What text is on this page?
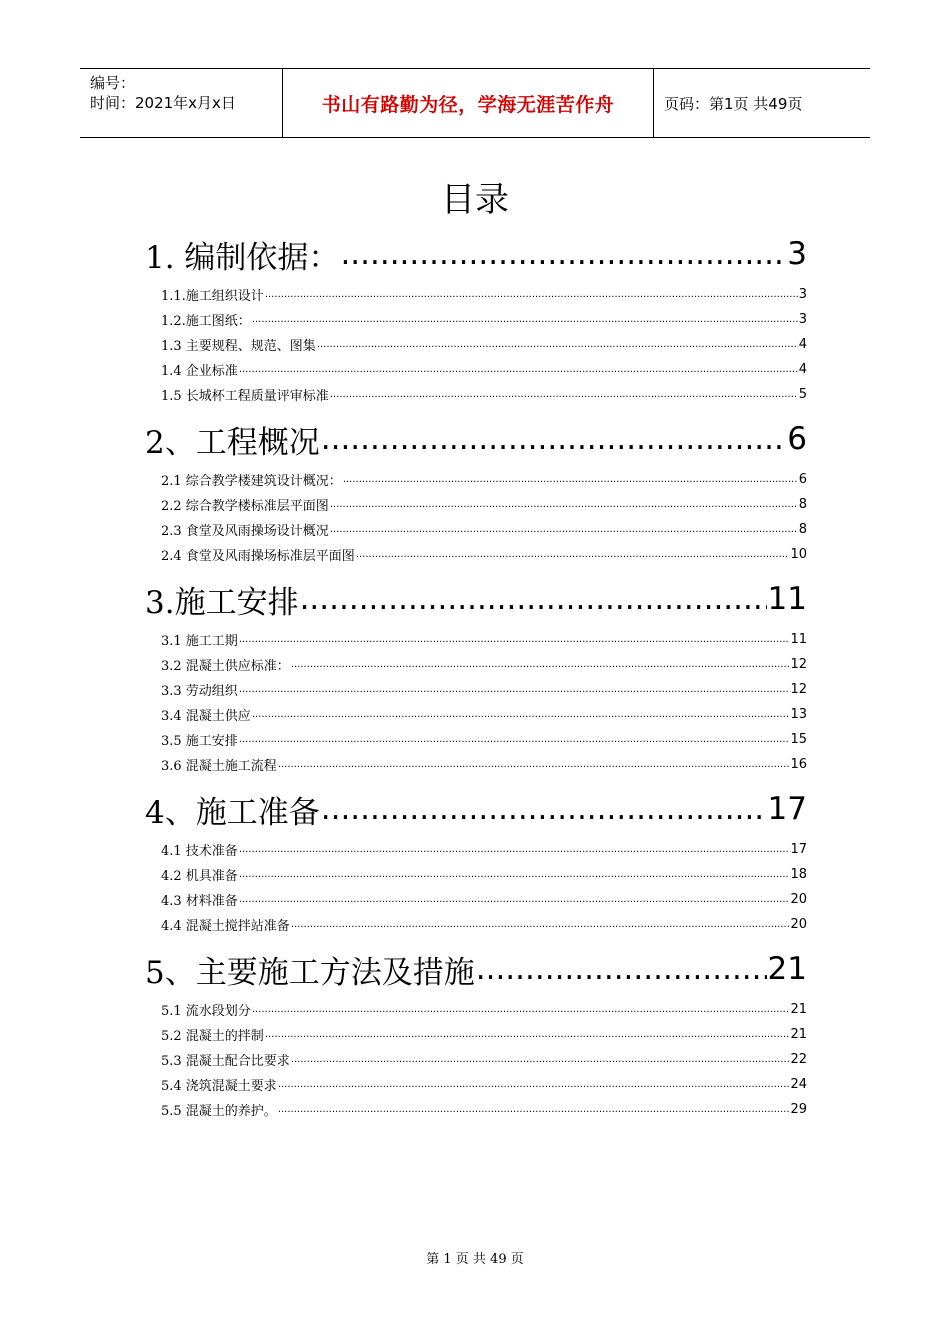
编号：
时间：2021年x月x日	书山有路勤为径，学海无涯苦作舟	页码：第1页 共49页
目录
1. 编制依据： .....	3
1.1.施工组织设计 .....	3
1.2.施工图纸： .....	3
1.3 主要规程、规范、图集 .....	4
1.4 企业标准 .....	4
1.5 长城杯工程质量评审标准 .....	5
2、工程概况 .....	6
2.1 综合教学楼建筑设计概况： .....	6
2.2 综合教学楼标准层平面图 .....	8
2.3 食堂及风雨操场设计概况 .....	8
2.4 食堂及风雨操场标准层平面图 .....	10
3.施工安排 .....	11
3.1 施工工期 .....	11
3.2 混凝土供应标准： .....	12
3.3 劳动组织 .....	12
3.4 混凝土供应 .....	13
3.5 施工安排 .....	15
3.6 混凝土施工流程 .....	16
4、施工准备 .....	17
4.1 技术准备 .....	17
4.2 机具准备 .....	18
4.3 材料准备 .....	20
4.4 混凝土搅拌站准备 .....	20
5、主要施工方法及措施 .....	21
5.1 流水段划分 .....	21
5.2 混凝土的拌制 .....	21
5.3 混凝土配合比要求 .....	22
5.4 浇筑混凝土要求 .....	24
5.5 混凝土的养护。 .....	29
第 1 页 共 49 页
